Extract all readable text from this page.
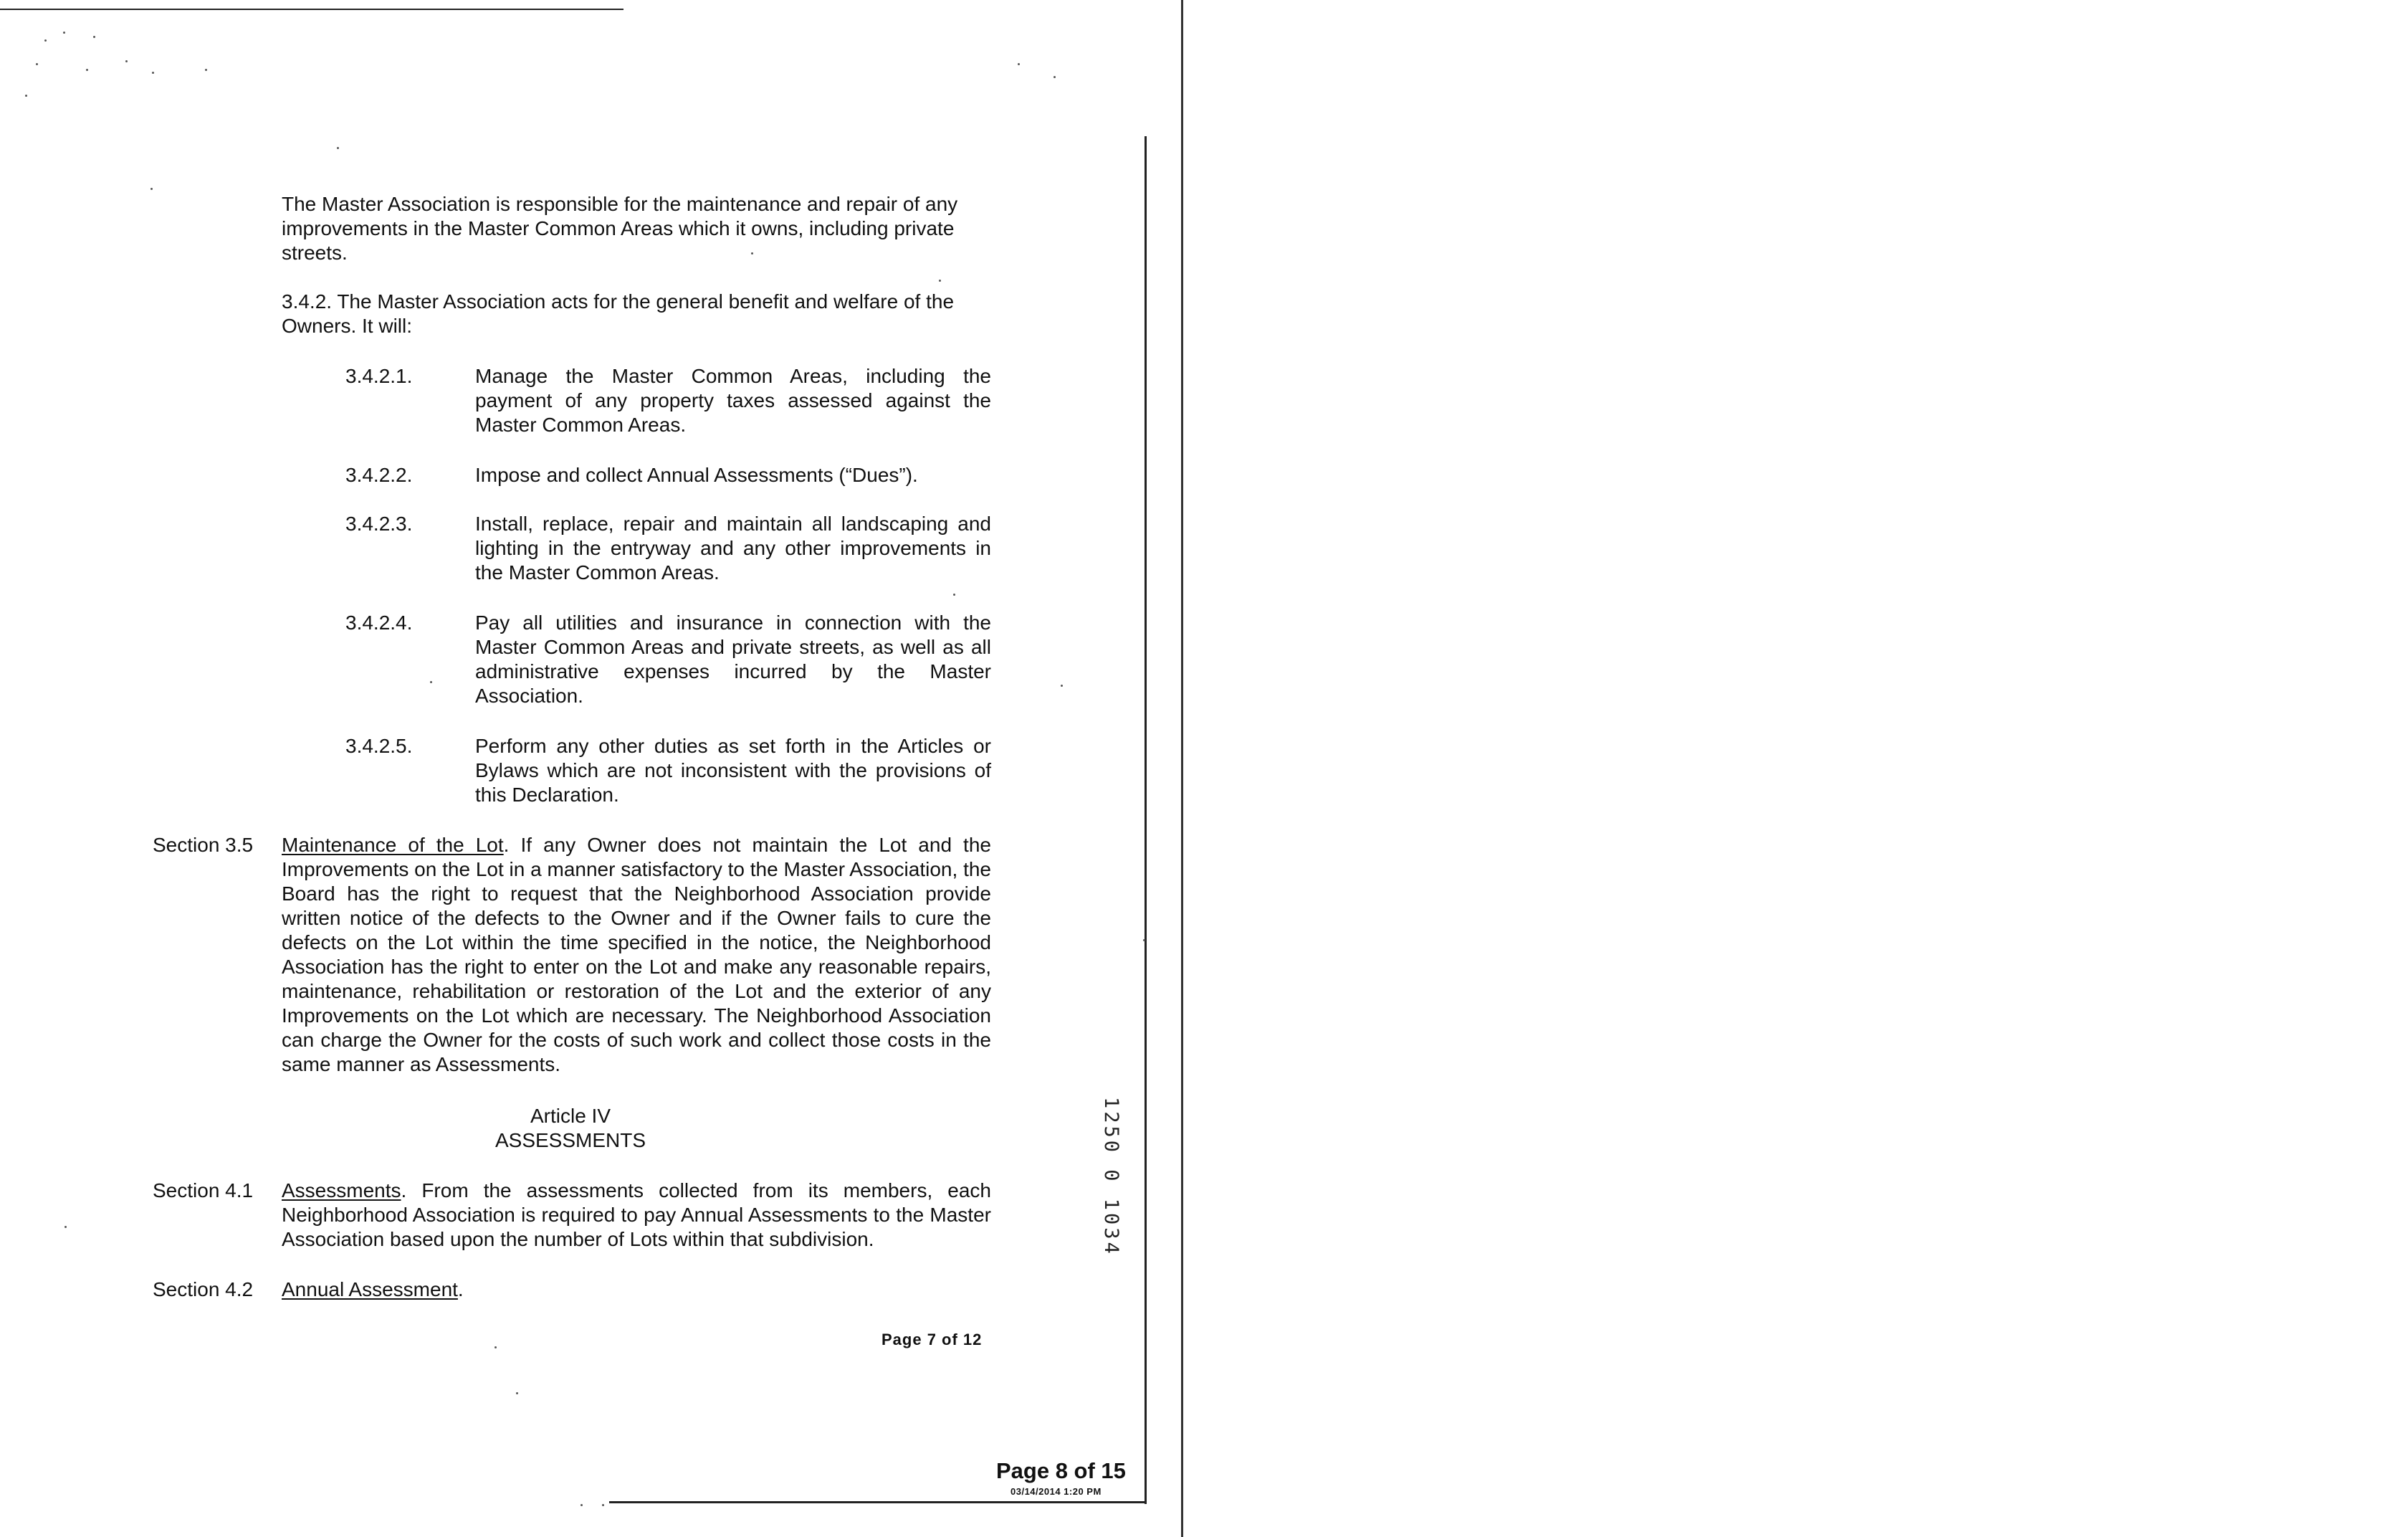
The Master Association is responsible for the maintenance and repair of any improvements in the Master Common Areas which it owns, including private streets.
3.4.2. The Master Association acts for the general benefit and welfare of the Owners. It will:
3.4.2.1.	Manage the Master Common Areas, including the payment of any property taxes assessed against the Master Common Areas.
3.4.2.2.	Impose and collect Annual Assessments (“Dues”).
3.4.2.3.	Install, replace, repair and maintain all landscaping and lighting in the entryway and any other improvements in the Master Common Areas.
3.4.2.4.	Pay all utilities and insurance in connection with the Master Common Areas and private streets, as well as all administrative expenses incurred by the Master Association.
3.4.2.5.	Perform any other duties as set forth in the Articles or Bylaws which are not inconsistent with the provisions of this Declaration.
Section 3.5 Maintenance of the Lot. If any Owner does not maintain the Lot and the Improvements on the Lot in a manner satisfactory to the Master Association, the Board has the right to request that the Neighborhood Association provide written notice of the defects to the Owner and if the Owner fails to cure the defects on the Lot within the time specified in the notice, the Neighborhood Association has the right to enter on the Lot and make any reasonable repairs, maintenance, rehabilitation or restoration of the Lot and the exterior of any Improvements on the Lot which are necessary. The Neighborhood Association can charge the Owner for the costs of such work and collect those costs in the same manner as Assessments.
Article IV
ASSESSMENTS
Section 4.1 Assessments. From the assessments collected from its members, each Neighborhood Association is required to pay Annual Assessments to the Master Association based upon the number of Lots within that subdivision.
Section 4.2 Annual Assessment.
Page 7 of 12
Page 8 of 15
03/14/2014 1:20 PM
1250 0 1034
